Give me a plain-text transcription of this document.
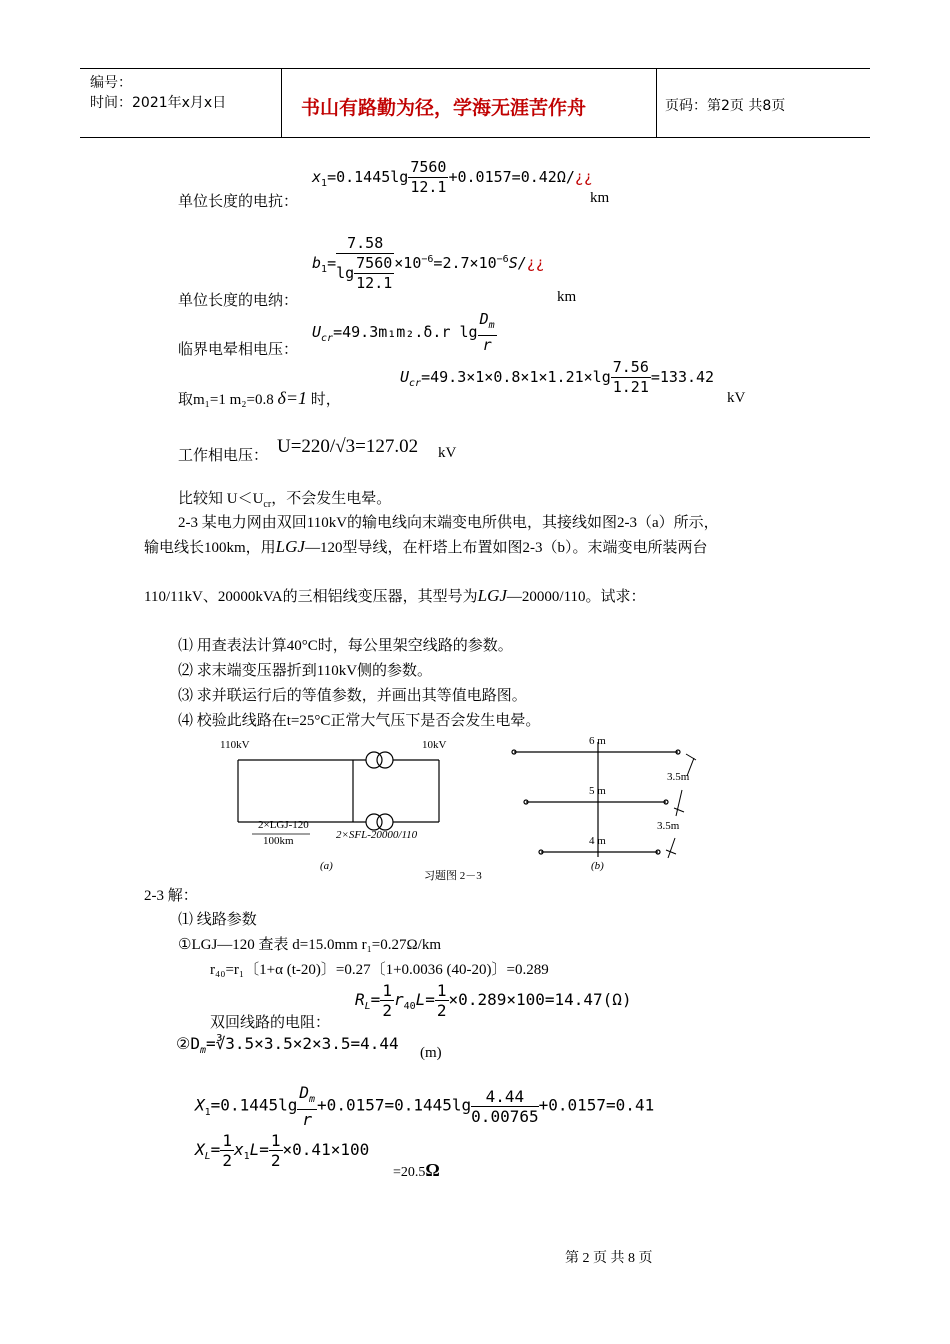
编号：
时间：2021年x月x日	书山有路勤为径，学海无涯苦作舟	页码：第2页 共8页
单位长度的电抗：
$x_1=0.1445\lg \frac{7560}{12.1}$ +0.0157=0.42Ω/¿¿
km
$b_1= \frac{7.58}{\lg \frac{7560}{12.1}}$ $\times 10^{-6}=2.7\times 10^{-6}S/¿¿$
单位长度的电纳：	km
临界电晕相电压：
$U_{cr}=49.3m_1m_2.\delta.r$ $\lg \frac{D_m}{r}$
取m₁=1 m₂=0.8 δ=1 时，
$U_{cr}=49.3\times 1\times 0.8\times 1\times 1.21\times\lg \frac{7.56}{1.21} =133.42$
kV
工作相电压： U=220/√3=127.02 kV
比较知 $U<U_{cr}$，不会发生电晕。
2-3 某电力网由双回110kV的输电线向末端变电所供电，其接线如图2-3（a）所示，
输电线长100km，用LGJ—120型导线，在杆塔上布置如图2-3（b）。末端变电所装两台
110/11kV、20000kVA的三相铝线变压器，其型号为LGJ—20000/110。试求：
⑴ 用查表法计算40°C时，每公里架空线路的参数。
⑵ 求末端变压器折到110kV侧的参数。
⑶ 求并联运行后的等值参数，并画出其等值电路图。
⑷ 校验此线路在t=25°C正常大气压下是否会发生电晕。
110kV	10kV
2×LGJ-120
100km	2×SFL-20000/110
(a)
6 m
5 m
4 m
3.5m
3.5m
(b)
习题图 2－3
2-3 解：
⑴ 线路参数
①LGJ—120 查表 d=15.0mm r₁=0.27Ω/km
r₄₀=r₁〔1+α (t-20)〕=0.27〔1+0.0036 (40-20)〕=0.289
$R_L= \frac{1}{2} r_{40}L= \frac{1}{2} \times 0.289\times 100=14.47(\Omega)$
双回线路的电阻：
$②D_m=∛3.5\times 3.5\times 2\times 3.5=4.44$ (m)
$X_1=0.1445\lg \frac{D_m}{r} +0.0157=0.1445\lg \frac{4.44}{0.00765} +0.0157=0.41$
$X_L= \frac{1}{2} x_1L= \frac{1}{2} \times 0.41\times 100$
=20.5Ω
第 2 页 共 8 页
